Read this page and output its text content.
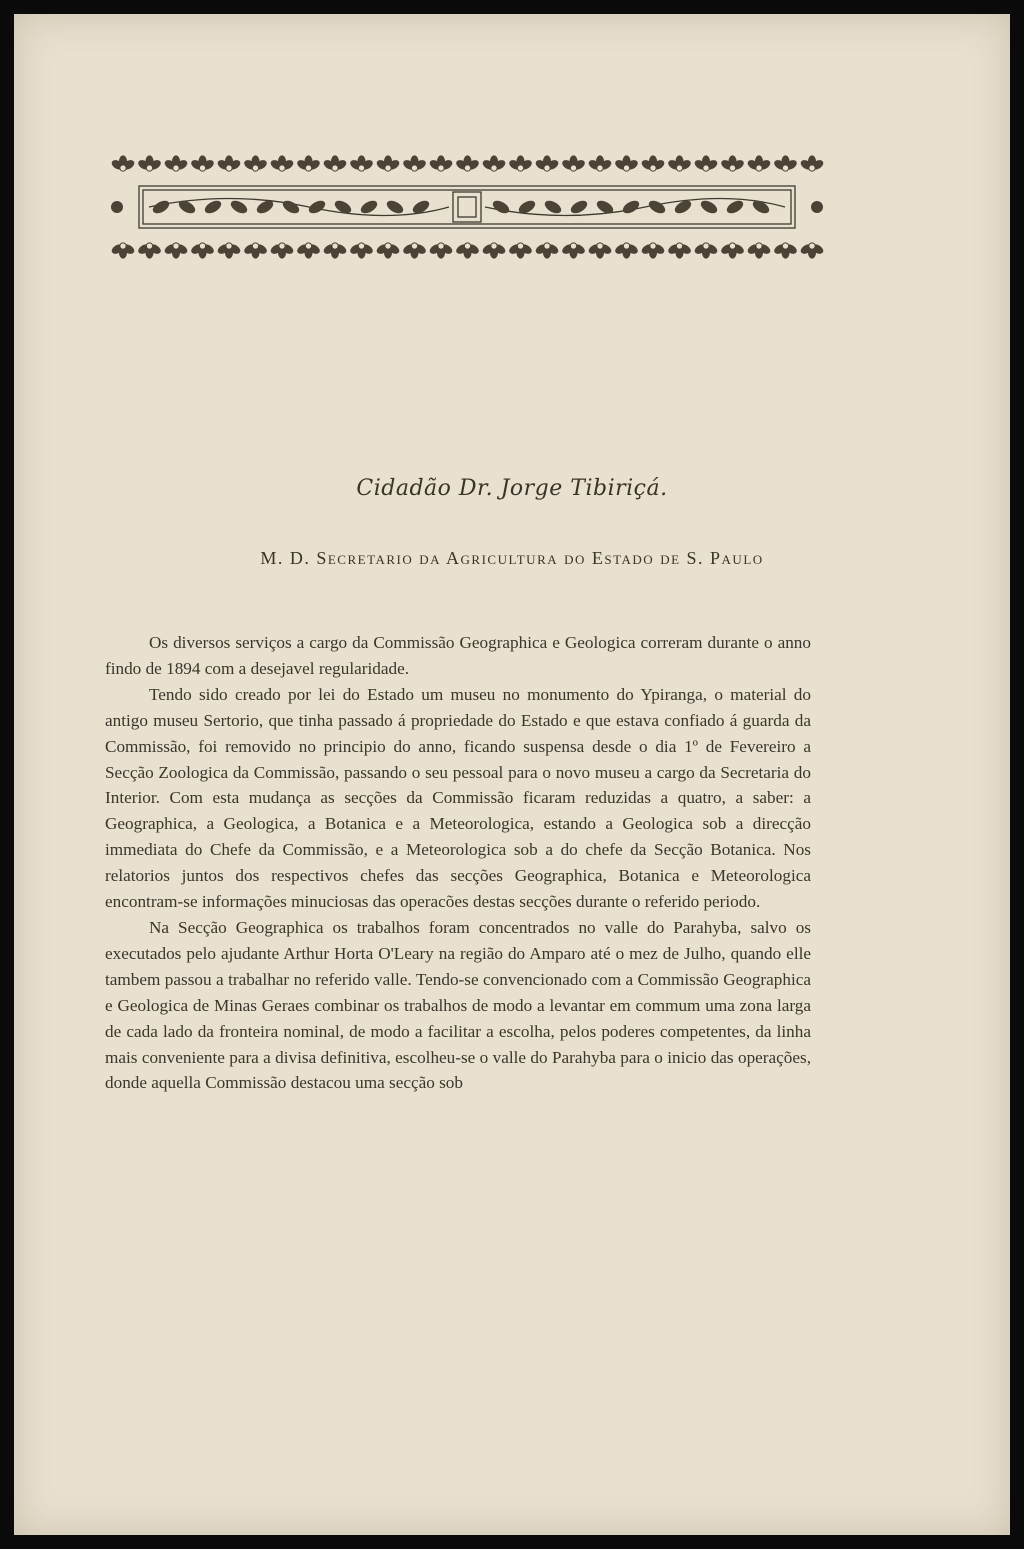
Cidadão Dr. Jorge Tibiriçá.
M. D. Secretario da Agricultura do Estado de S. Paulo

Os diversos serviços a cargo da Commissão Geographica e Geologica correram durante o anno findo de 1894 com a desejavel regularidade.

Tendo sido creado por lei do Estado um museu no monumento do Ypiranga, o material do antigo museu Sertorio, que tinha passado á propriedade do Estado e que estava confiado á guarda da Commissão, foi removido no principio do anno, ficando suspensa desde o dia 1º de Fevereiro a Secção Zoologica da Commissão, passando o seu pessoal para o novo museu a cargo da Secretaria do Interior. Com esta mudança as secções da Commissão ficaram reduzidas a quatro, a saber: a Geographica, a Geologica, a Botanica e a Meteorologica, estando a Geologica sob a direcção immediata do Chefe da Commissão, e a Meteorologica sob a do chefe da Secção Botanica. Nos relatorios juntos dos respectivos chefes das secções Geographica, Botanica e Meteorologica encontram-se informações minuciosas das operacões destas secções durante o referido periodo.

Na Secção Geographica os trabalhos foram concentrados no valle do Parahyba, salvo os executados pelo ajudante Arthur Horta O'Leary na região do Amparo até o mez de Julho, quando elle tambem passou a trabalhar no referido valle. Tendo-se convencionado com a Commissão Geographica e Geologica de Minas Geraes combinar os trabalhos de modo a levantar em commum uma zona larga de cada lado da fronteira nominal, de modo a facilitar a escolha, pelos poderes competentes, da linha mais conveniente para a divisa definitiva, escolheu-se o valle do Parahyba para o inicio das operações, donde aquella Commissão destacou uma secção sob
